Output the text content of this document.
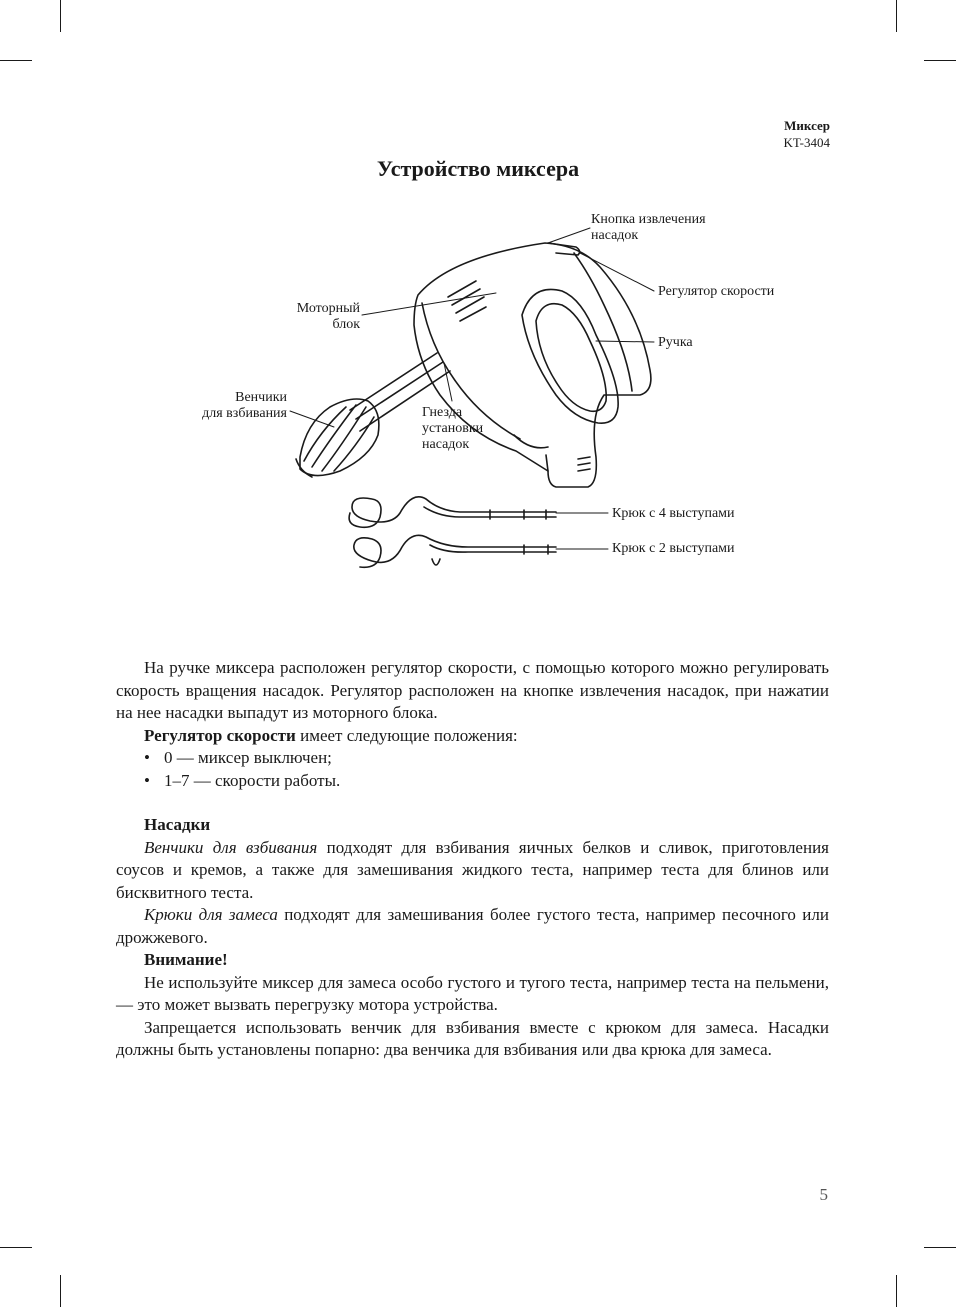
Миксер
KT-3404
Устройство миксера
Кнопка извлечения
насадок
Регулятор скорости
Ручка
Моторный
блок
Венчики
для взбивания	Гнезда
установки
насадок
Крюк с 4 выступами
Крюк с 2 выступами

На ручке миксера расположен регулятор скорости, с помощью которого можно регулировать скорость вращения насадок. Регулятор расположен на кнопке извлечения насадок, при нажатии на нее насадки выпадут из моторного блока.

Регулятор скорости имеет следующие положения:

• 0 — миксер выключен;
• 1–7 — скорости работы.
Насадки

Венчики для взбивания подходят для взбивания яичных белков и сливок, приготовления соусов и кремов, а также для замешивания жидкого теста, например теста для блинов или бисквитного теста.

Крюки для замеса подходят для замешивания более густого теста, например песочного или дрожжевого.

Внимание!

Не используйте миксер для замеса особо густого и тугого теста, например теста на пельмени, — это может вызвать перегрузку мотора устройства.

Запрещается использовать венчик для взбивания вместе с крюком для замеса. Насадки должны быть установлены попарно: два венчика для взбивания или два крюка для замеса.

5
